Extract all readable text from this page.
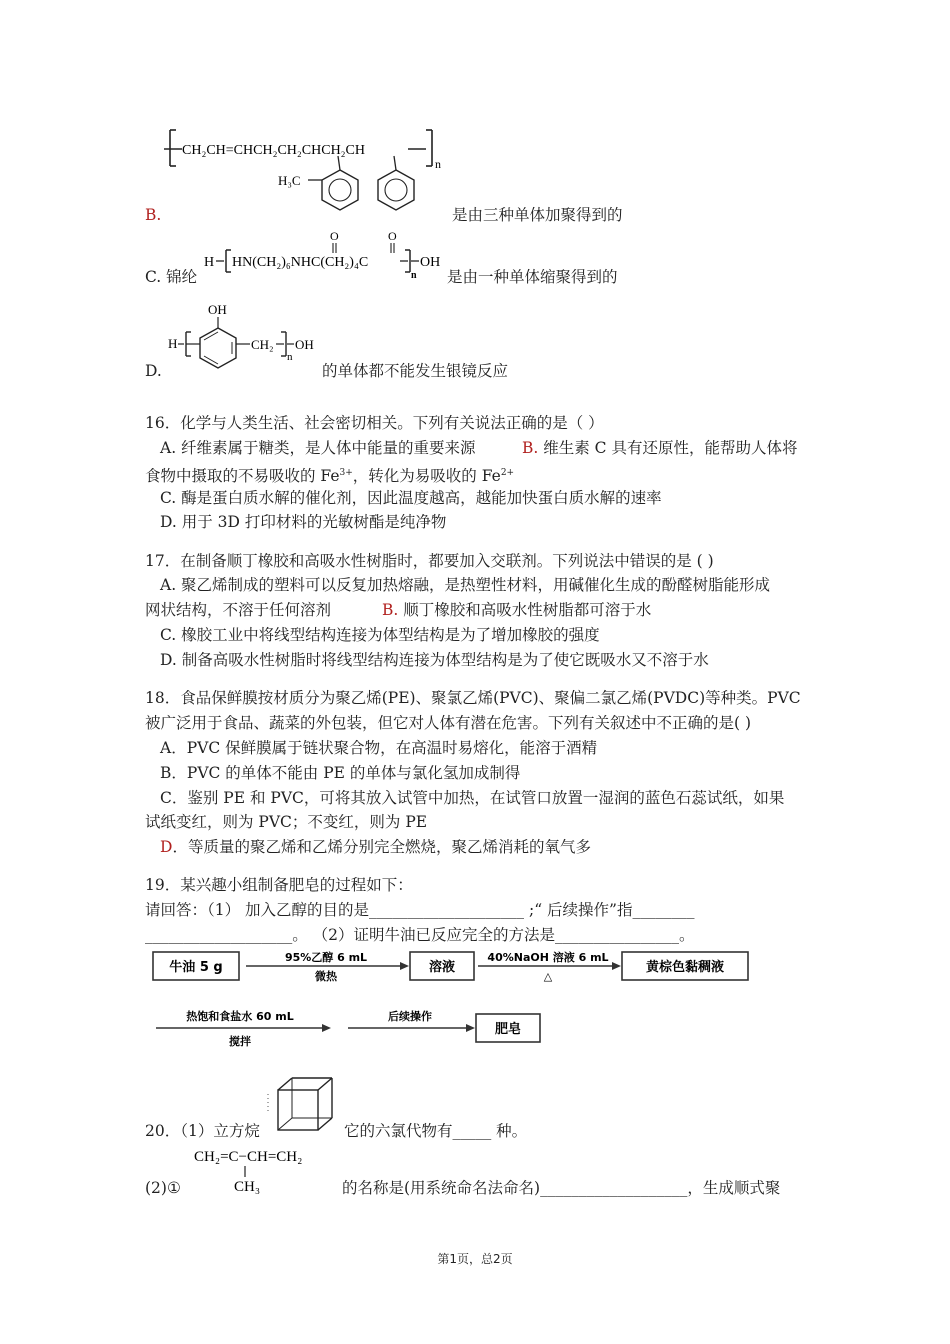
CH₂CH=CHCH₂CH₂CHCH₂CH
n
H₃C
B.	是由三种单体加聚得到的
C. 锦纶
H HN(CH₂)₆NHC(CH₂)₄C
O	O
n
OH
是由一种单体缩聚得到的
D.
OH
H	CH₂
n
OH
的单体都不能发生银镜反应
16．化学与人类生活、社会密切相关。下列有关说法正确的是（ ）
A. 纤维素属于糖类，是人体中能量的重要来源	B. 维生素 C 具有还原性，能帮助人体将
食物中摄取的不易吸收的 $Fe^{3+}$，转化为易吸收的 $Fe^{2+}$
C. 酶是蛋白质水解的催化剂，因此温度越高，越能加快蛋白质水解的速率
D. 用于 3D 打印材料的光敏树酯是纯净物
17．在制备顺丁橡胶和高吸水性树脂时，都要加入交联剂。下列说法中错误的是 ( )
A. 聚乙烯制成的塑料可以反复加热熔融，是热塑性材料，用碱催化生成的酚醛树脂能形成
网状结构，不溶于任何溶剂	B. 顺丁橡胶和高吸水性树脂都可溶于水
C. 橡胶工业中将线型结构连接为体型结构是为了增加橡胶的强度
D. 制备高吸水性树脂时将线型结构连接为体型结构是为了使它既吸水又不溶于水
18．食品保鲜膜按材质分为聚乙烯(PE)、聚氯乙烯(PVC)、聚偏二氯乙烯(PVDC)等种类。PVC
被广泛用于食品、蔬菜的外包装，但它对人体有潜在危害。下列有关叙述中不正确的是( )
A．PVC 保鲜膜属于链状聚合物，在高温时易熔化，能溶于酒精
B．PVC 的单体不能由 PE 的单体与氯化氢加成制得
C．鉴别 PE 和 PVC，可将其放入试管中加热，在试管口放置一湿润的蓝色石蕊试纸，如果
试纸变红，则为 PVC；不变红，则为 PE
D．等质量的聚乙烯和乙烯分别完全燃烧，聚乙烯消耗的氧气多
19．某兴趣小组制备肥皂的过程如下：
请回答：（1） 加入乙醇的目的是____________________ ;“ 后续操作”指________
___________________。 （2）证明牛油已反应完全的方法是________________。
牛油 5 g
95%乙醇 6 mL
微热
溶液
40%NaOH 溶液 6 mL
△
黄棕色黏稠液
热饱和食盐水 60 mL
搅拌
后续操作
肥皂
20．（1）立方烷	它的六氯代物有_____ 种。
CH₂=C−CH=CH₂
CH₃
(2)①	的名称是(用系统命名法命名)___________________，生成顺式聚
第1页，总2页
